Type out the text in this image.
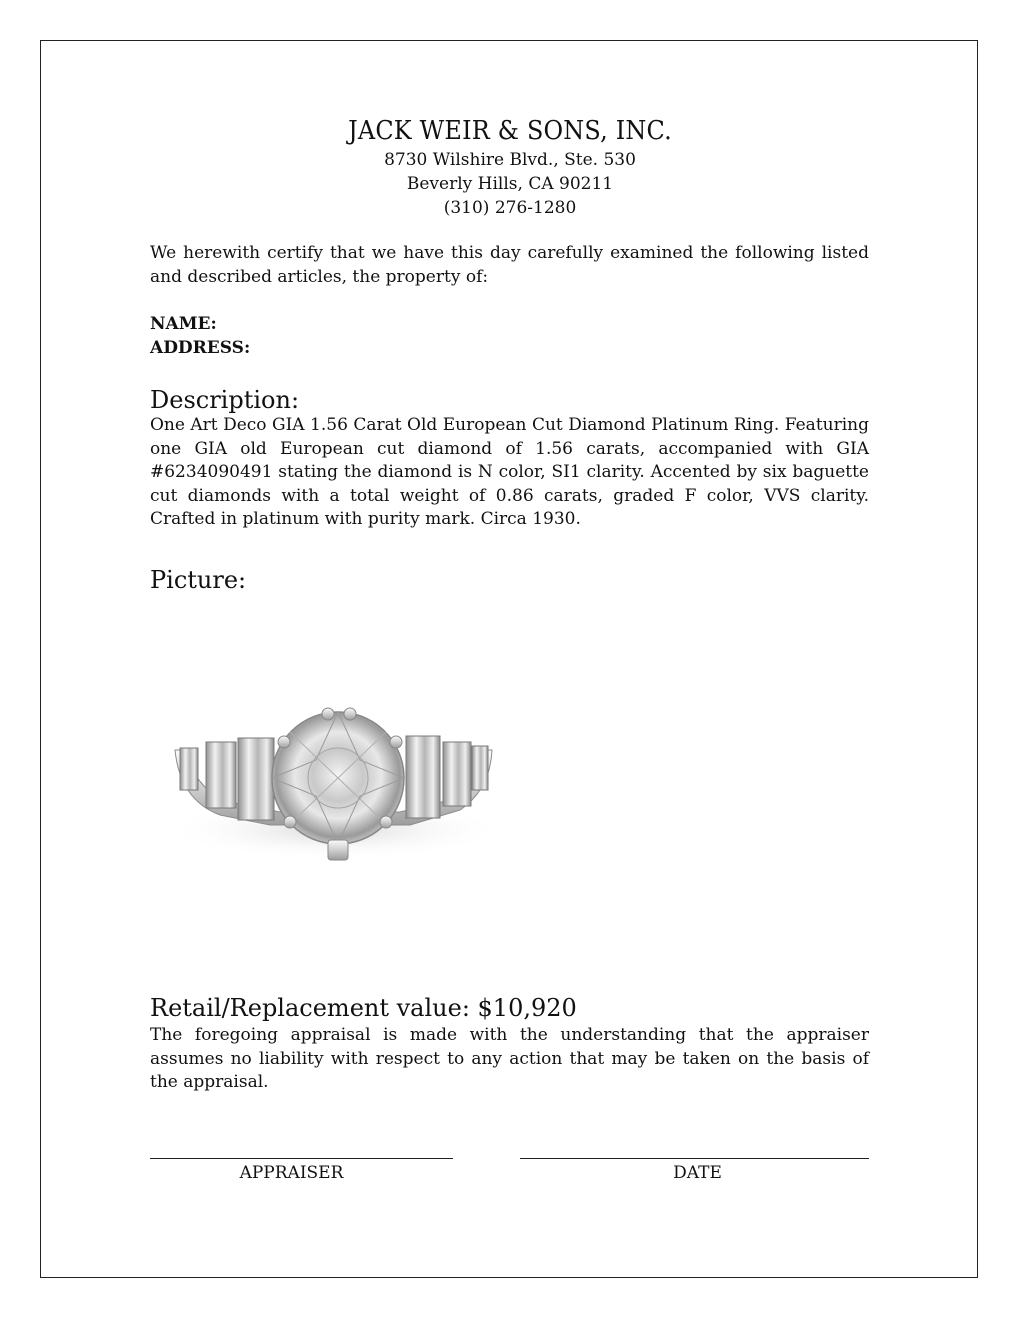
JACK WEIR & SONS, INC.
8730 Wilshire Blvd., Ste. 530
Beverly Hills, CA 90211
(310) 276-1280
We herewith certify that we have this day carefully examined the following listed and described articles, the property of:
NAME:
ADDRESS:
Description:
One Art Deco GIA 1.56 Carat Old European Cut Diamond Platinum Ring. Featuring one GIA old European cut diamond of 1.56 carats, accompanied with GIA #6234090491 stating the diamond is N color, SI1 clarity. Accented by six baguette cut diamonds with a total weight of 0.86 carats, graded F color, VVS clarity. Crafted in platinum with purity mark. Circa 1930.
Picture:
Retail/Replacement value: $10,920
The foregoing appraisal is made with the understanding that the appraiser assumes no liability with respect to any action that may be taken on the basis of the appraisal.
APPRAISER	DATE
